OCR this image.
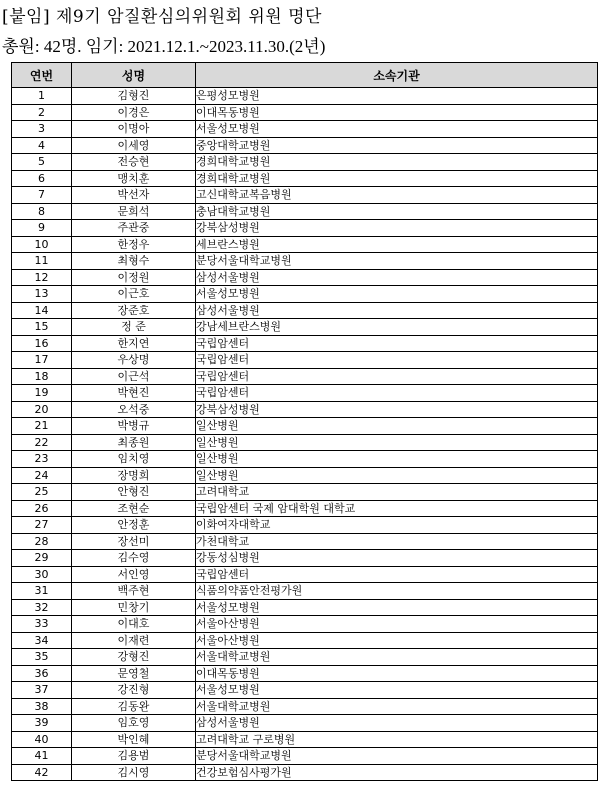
[붙임] 제9기 암질환심의위원회 위원 명단
총원: 42명. 임기: 2021.12.1.~2023.11.30.(2년)
연번	성명	소속기관
1	김형진	은평성모병원
2	이경은	이대목동병원
3	이명아	서울성모병원
4	이세영	중앙대학교병원
5	전승현	경희대학교병원
6	맹치훈	경희대학교병원
7	박선자	고신대학교복음병원
8	문희석	충남대학교병원
9	주관중	강북삼성병원
10	한정우	세브란스병원
11	최형수	분당서울대학교병원
12	이정원	삼성서울병원
13	이근호	서울성모병원
14	장준호	삼성서울병원
15	정 준	강남세브란스병원
16	한지연	국립암센터
17	우상명	국립암센터
18	이근석	국립암센터
19	박현진	국립암센터
20	오석중	강북삼성병원
21	박병규	일산병원
22	최종원	일산병원
23	임치영	일산병원
24	장명희	일산병원
25	안형진	고려대학교
26	조현순	국립암센터 국제 암대학원 대학교
27	안정훈	이화여자대학교
28	장선미	가천대학교
29	김수영	강동성심병원
30	서인영	국립암센터
31	백주현	식품의약품안전평가원
32	민창기	서울성모병원
33	이대호	서울아산병원
34	이재련	서울아산병원
35	강형진	서울대학교병원
36	문영철	이대목동병원
37	강진형	서울성모병원
38	김동완	서울대학교병원
39	임호영	삼성서울병원
40	박인혜	고려대학교 구로병원
41	김용범	분당서울대학교병원
42	김시영	건강보험심사평가원
